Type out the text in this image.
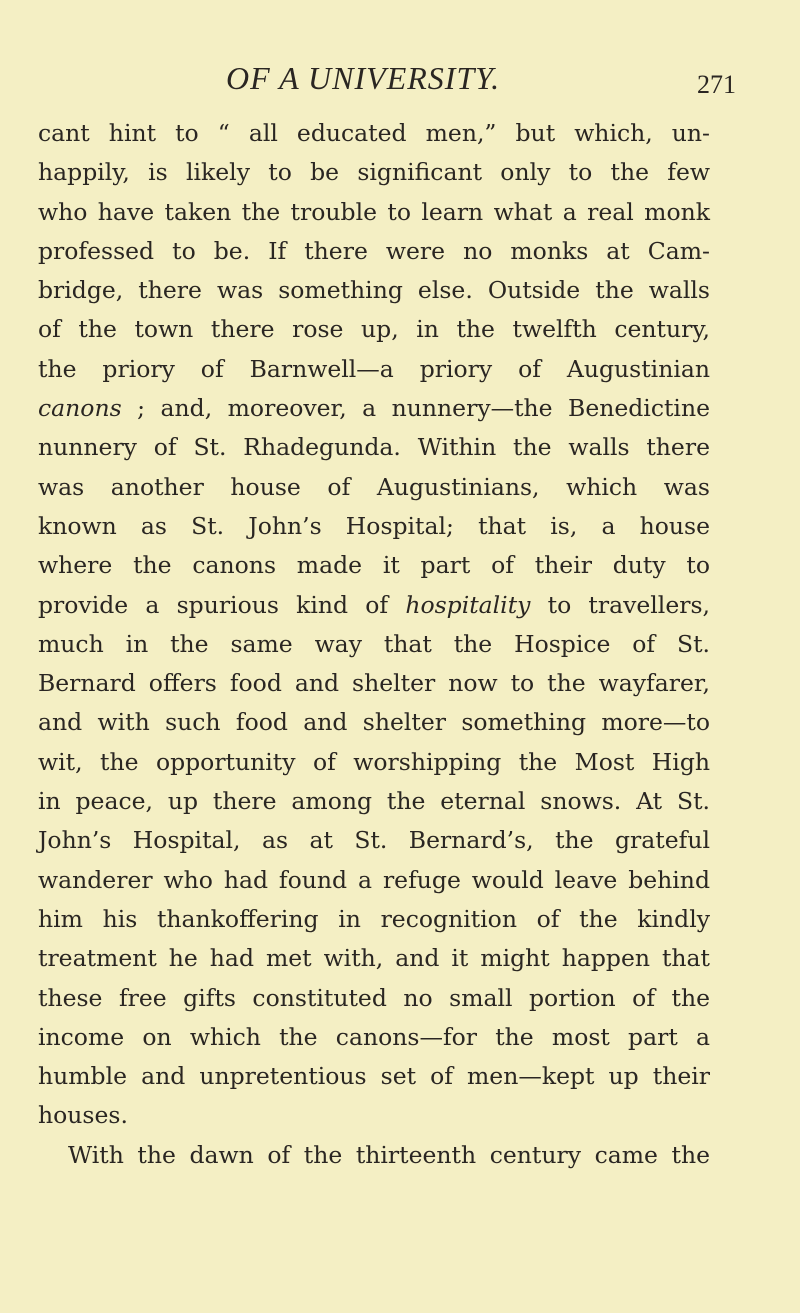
OF A UNIVERSITY.	271
cant hint to “ all educated men,” but which, un-
happily, is likely to be significant only to the few
who have taken the trouble to learn what a real monk
professed to be. If there were no monks at Cam-
bridge, there was something else. Outside the walls
of the town there rose up, in the twelfth century,
the priory of Barnwell—a priory of Augustinian
canons ; and, moreover, a nunnery—the Benedictine
nunnery of St. Rhadegunda. Within the walls there
was another house of Augustinians, which was
known as St. John’s Hospital; that is, a house
where the canons made it part of their duty to
provide a spurious kind of hospitality to travellers,
much in the same way that the Hospice of St.
Bernard offers food and shelter now to the wayfarer,
and with such food and shelter something more—to
wit, the opportunity of worshipping the Most High
in peace, up there among the eternal snows. At St.
John’s Hospital, as at St. Bernard’s, the grateful
wanderer who had found a refuge would leave behind
him his thankoffering in recognition of the kindly
treatment he had met with, and it might happen that
these free gifts constituted no small portion of the
income on which the canons—for the most part a
humble and unpretentious set of men—kept up their
houses.
With the dawn of the thirteenth century came the
